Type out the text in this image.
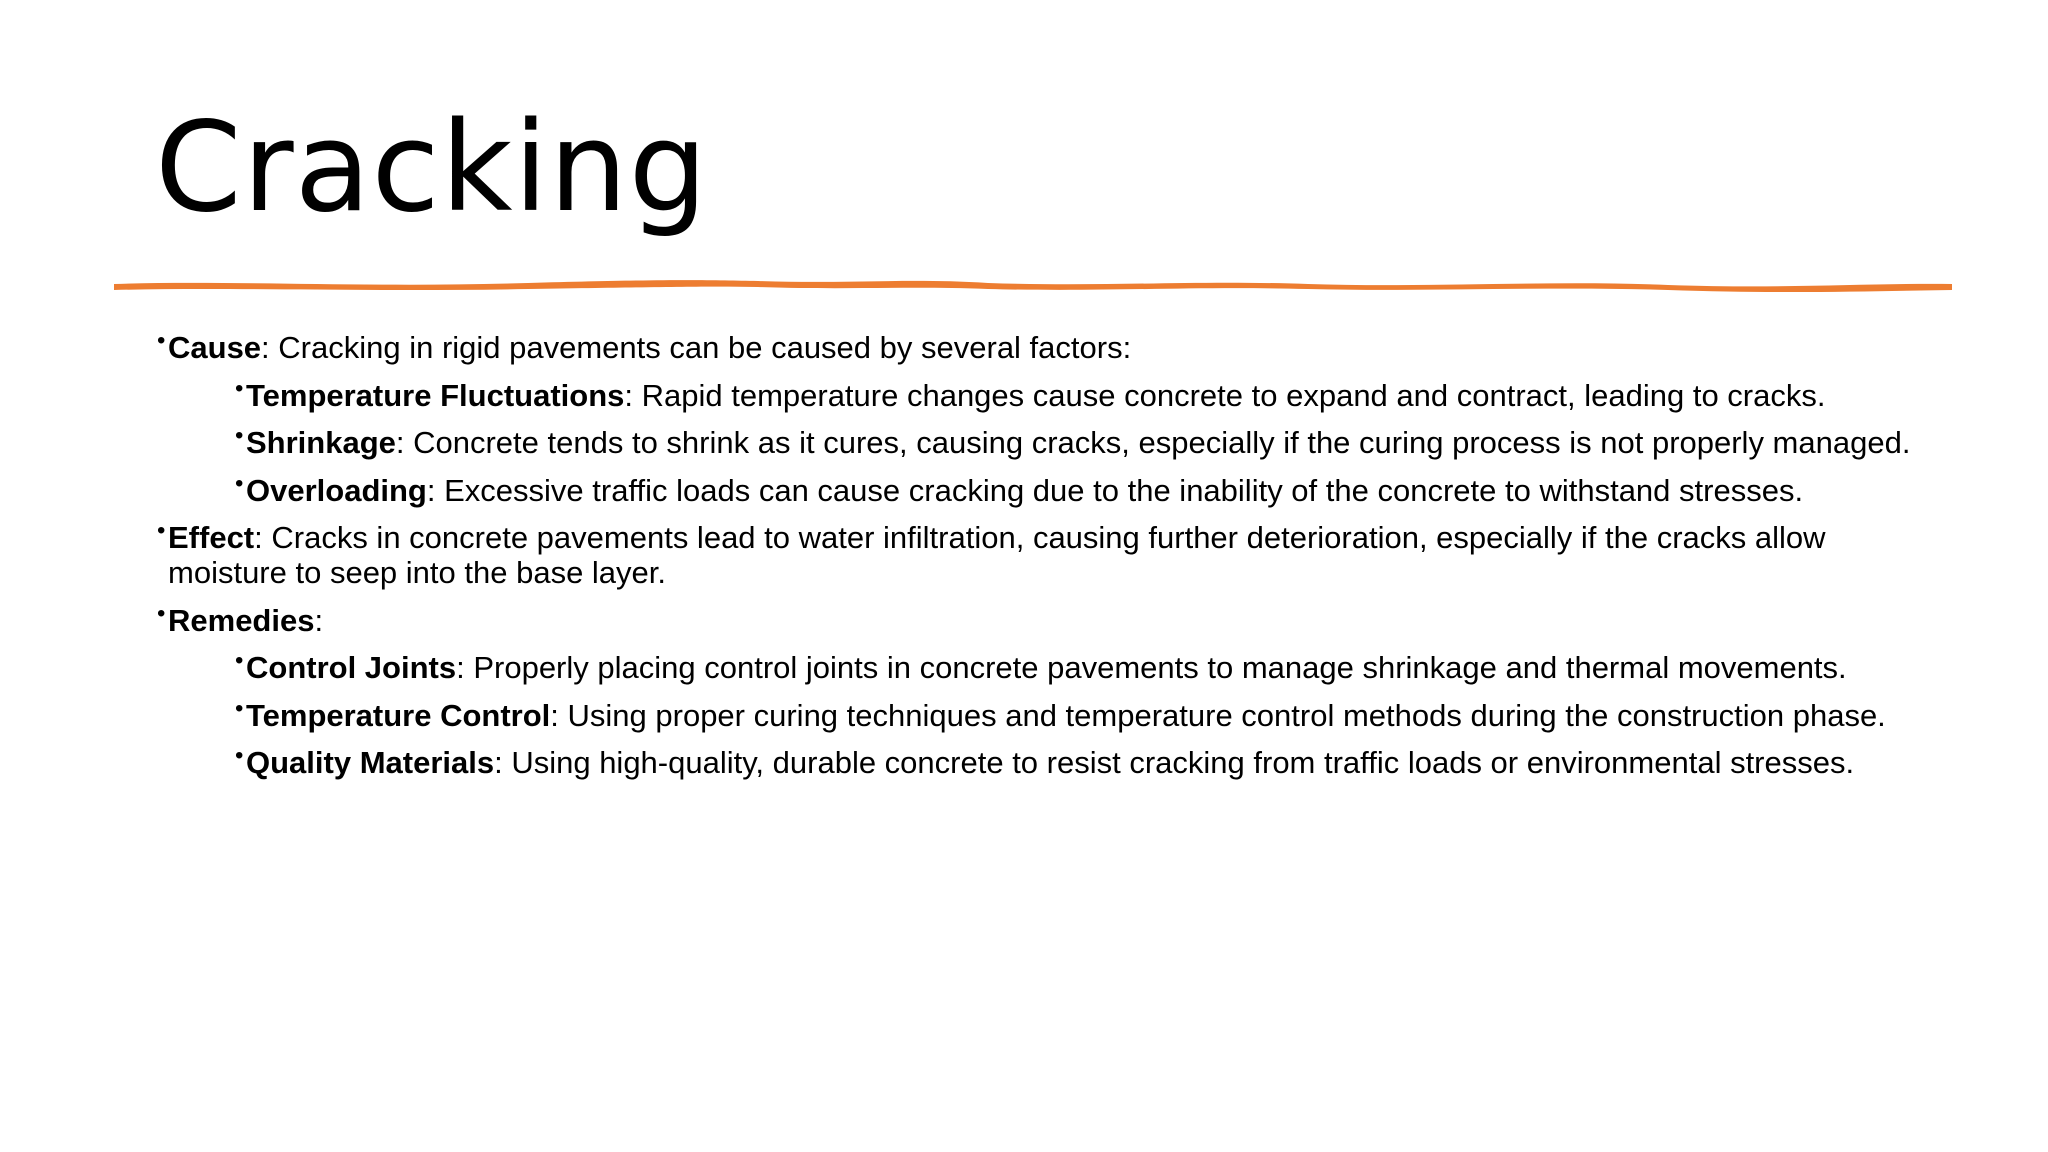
Cracking
• Cause: Cracking in rigid pavements can be caused by several factors:
• Temperature Fluctuations: Rapid temperature changes cause concrete to expand and contract, leading to cracks.
• Shrinkage: Concrete tends to shrink as it cures, causing cracks, especially if the curing process is not properly managed.
• Overloading: Excessive traffic loads can cause cracking due to the inability of the concrete to withstand stresses.
• Effect: Cracks in concrete pavements lead to water infiltration, causing further deterioration, especially if the cracks allow moisture to seep into the base layer.
• Remedies:
• Control Joints: Properly placing control joints in concrete pavements to manage shrinkage and thermal movements.
• Temperature Control: Using proper curing techniques and temperature control methods during the construction phase.
• Quality Materials: Using high-quality, durable concrete to resist cracking from traffic loads or environmental stresses.
